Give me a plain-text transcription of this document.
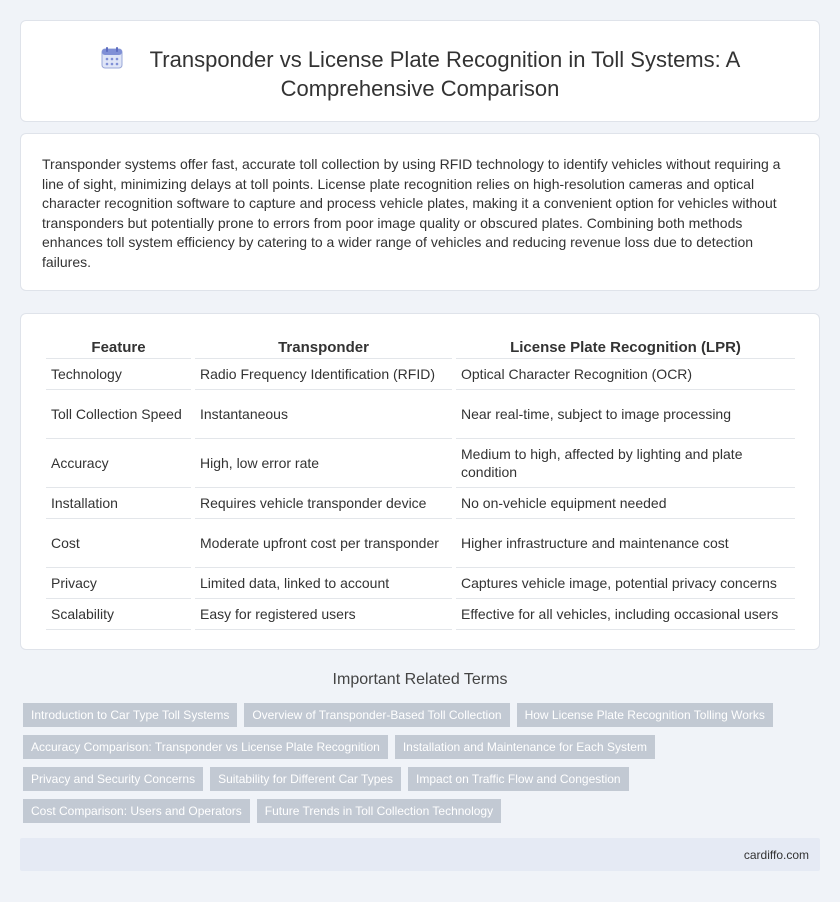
Transponder vs License Plate Recognition in Toll Systems: A Comprehensive Comparison

Transponder systems offer fast, accurate toll collection by using RFID technology to identify vehicles without requiring a line of sight, minimizing delays at toll points. License plate recognition relies on high-resolution cameras and optical character recognition software to capture and process vehicle plates, making it a convenient option for vehicles without transponders but potentially prone to errors from poor image quality or obscured plates. Combining both methods enhances toll system efficiency by catering to a wider range of vehicles and reducing revenue loss due to detection failures.

Feature	Transponder	License Plate Recognition (LPR)
Technology	Radio Frequency Identification (RFID)	Optical Character Recognition (OCR)
Toll Collection Speed	Instantaneous	Near real-time, subject to image processing
Accuracy	High, low error rate	Medium to high, affected by lighting and plate condition
Installation	Requires vehicle transponder device	No on-vehicle equipment needed
Cost	Moderate upfront cost per transponder	Higher infrastructure and maintenance cost
Privacy	Limited data, linked to account	Captures vehicle image, potential privacy concerns
Scalability	Easy for registered users	Effective for all vehicles, including occasional users
Important Related Terms
Introduction to Car Type Toll Systems	Overview of Transponder-Based Toll Collection	How License Plate Recognition Tolling Works
Accuracy Comparison: Transponder vs License Plate Recognition	Installation and Maintenance for Each System
Privacy and Security Concerns	Suitability for Different Car Types	Impact on Traffic Flow and Congestion
Cost Comparison: Users and Operators	Future Trends in Toll Collection Technology
cardiffo.com
